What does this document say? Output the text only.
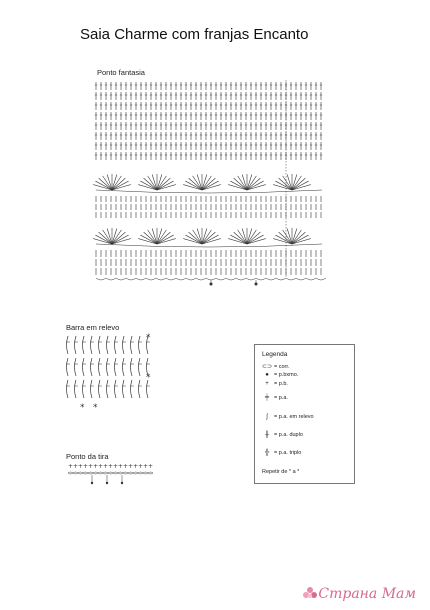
Saia Charme com franjas Encanto
Ponto fantasia
Barra em relevo
*
*
* *
Ponto da tira
+ + + + + + + + + + + + + + + + +
Legenda
⊂⊃ = corr.
● = p.bxmo.
+ = p.b.
╪ = p.a.
ʃ	= p.a. em relevo
╫ = p.a. duplo
╬ = p.a. triplo
Repetir de * a *
Страна Мам
